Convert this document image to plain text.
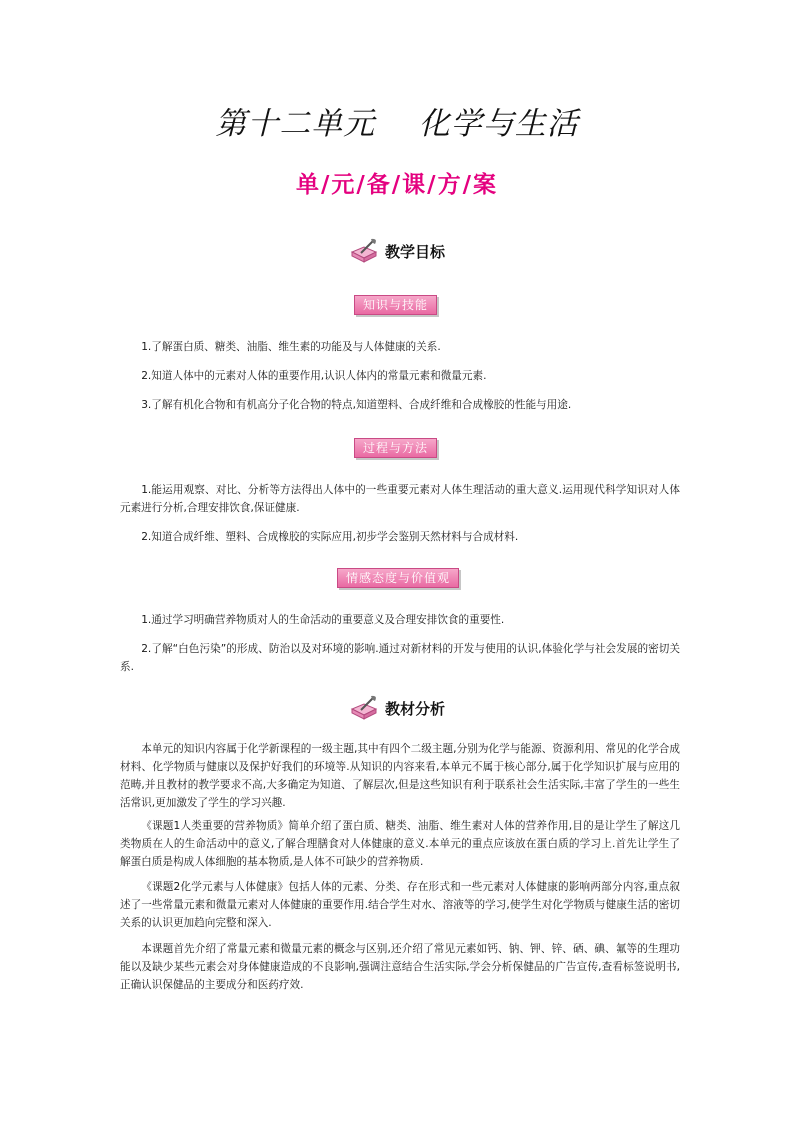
第十二单元    化学与生活
单/元/备/课/方/案
教学目标
知识与技能
1.了解蛋白质、糖类、油脂、维生素的功能及与人体健康的关系.
2.知道人体中的元素对人体的重要作用,认识人体内的常量元素和微量元素.
3.了解有机化合物和有机高分子化合物的特点,知道塑料、合成纤维和合成橡胶的性能与用途.
过程与方法
1.能运用观察、对比、分析等方法得出人体中的一些重要元素对人体生理活动的重大意义.运用现代科学知识对人体元素进行分析,合理安排饮食,保证健康.
2.知道合成纤维、塑料、合成橡胶的实际应用,初步学会鉴别天然材料与合成材料.
情感态度与价值观
1.通过学习明确营养物质对人的生命活动的重要意义及合理安排饮食的重要性.
2.了解“白色污染”的形成、防治以及对环境的影响.通过对新材料的开发与使用的认识,体验化学与社会发展的密切关系.
教材分析
本单元的知识内容属于化学新课程的一级主题,其中有四个二级主题,分别为化学与能源、资源利用、常见的化学合成材料、化学物质与健康以及保护好我们的环境等.从知识的内容来看,本单元不属于核心部分,属于化学知识扩展与应用的范畴,并且教材的教学要求不高,大多确定为知道、了解层次,但是这些知识有利于联系社会生活实际,丰富了学生的一些生活常识,更加激发了学生的学习兴趣.
《课题1人类重要的营养物质》简单介绍了蛋白质、糖类、油脂、维生素对人体的营养作用,目的是让学生了解这几类物质在人的生命活动中的意义,了解合理膳食对人体健康的意义.本单元的重点应该放在蛋白质的学习上.首先让学生了解蛋白质是构成人体细胞的基本物质,是人体不可缺少的营养物质.
《课题2化学元素与人体健康》包括人体的元素、分类、存在形式和一些元素对人体健康的影响两部分内容,重点叙述了一些常量元素和微量元素对人体健康的重要作用.结合学生对水、溶液等的学习,使学生对化学物质与健康生活的密切关系的认识更加趋向完整和深入.
本课题首先介绍了常量元素和微量元素的概念与区别,还介绍了常见元素如钙、钠、钾、锌、硒、碘、氟等的生理功能以及缺少某些元素会对身体健康造成的不良影响,强调注意结合生活实际,学会分析保健品的广告宣传,查看标签说明书,正确认识保健品的主要成分和医药疗效.
